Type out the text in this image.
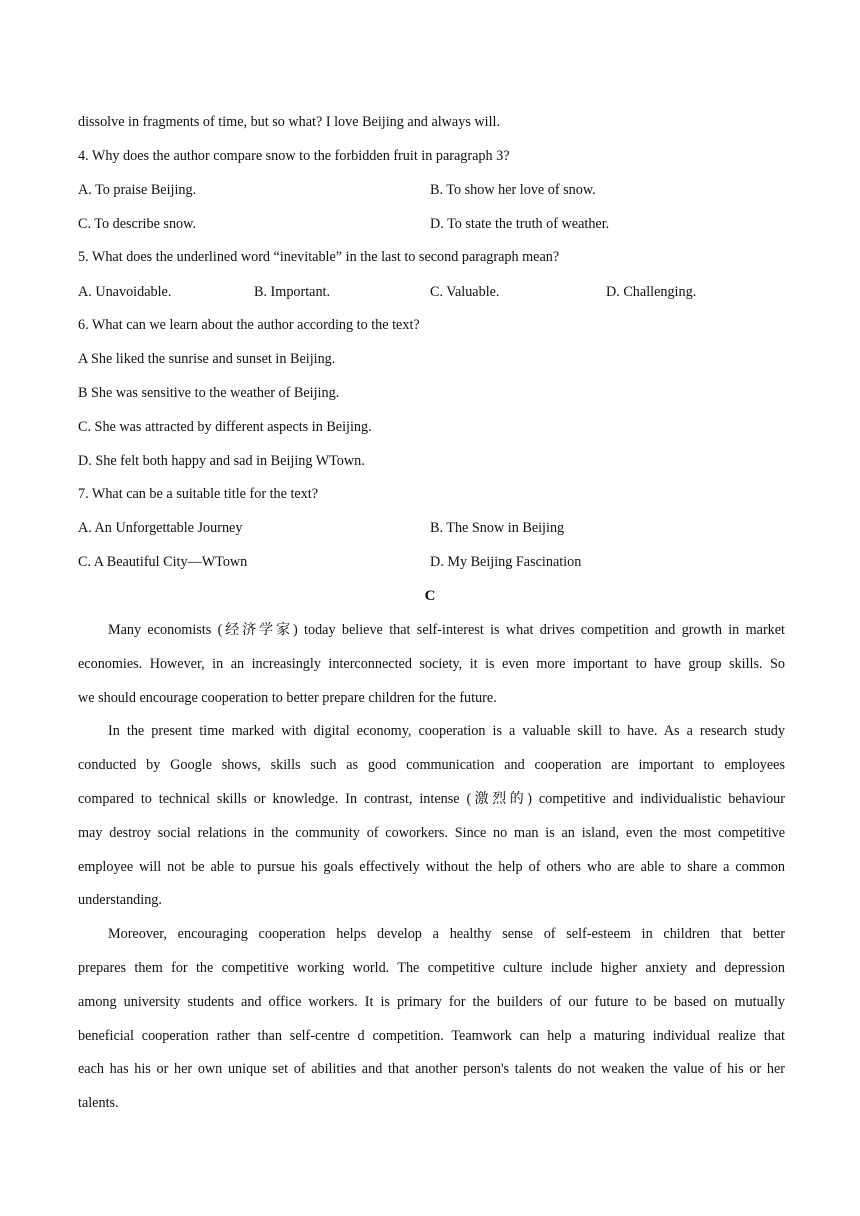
dissolve in fragments of time, but so what? I love Beijing and always will.
4. Why does the author compare snow to the forbidden fruit in paragraph 3?
A. To praise Beijing.	B. To show her love of snow.
C. To describe snow.	D. To state the truth of weather.
5. What does the underlined word “inevitable” in the last to second paragraph mean?
A. Unavoidable.	B. Important.	C. Valuable.	D. Challenging.
6. What can we learn about the author according to the text?
A She liked the sunrise and sunset in Beijing.
B She was sensitive to the weather of Beijing.
C. She was attracted by different aspects in Beijing.
D. She felt both happy and sad in Beijing WTown.
7. What can be a suitable title for the text?
A. An Unforgettable Journey	B. The Snow in Beijing
C. A Beautiful City—WTown	D. My Beijing Fascination
C
Many economists (经济学家) today believe that self-interest is what drives competition and growth in market
economies. However, in an increasingly interconnected society, it is even more important to have group skills. So
we should encourage cooperation to better prepare children for the future.
In the present time marked with digital economy, cooperation is a valuable skill to have. As a research study
conducted by Google shows, skills such as good communication and cooperation are important to employees
compared to technical skills or knowledge. In contrast, intense (激烈的) competitive and individualistic behaviour
may destroy social relations in the community of coworkers. Since no man is an island, even the most competitive
employee will not be able to pursue his goals effectively without the help of others who are able to share a common
understanding.
Moreover, encouraging cooperation helps develop a healthy sense of self-esteem in children that better
prepares them for the competitive working world. The competitive culture include higher anxiety and depression
among university students and office workers. It is primary for the builders of our future to be based on mutually
beneficial cooperation rather than self-centre d competition. Teamwork can help a maturing individual realize that
each has his or her own unique set of abilities and that another person's talents do not weaken the value of his or her
talents.
